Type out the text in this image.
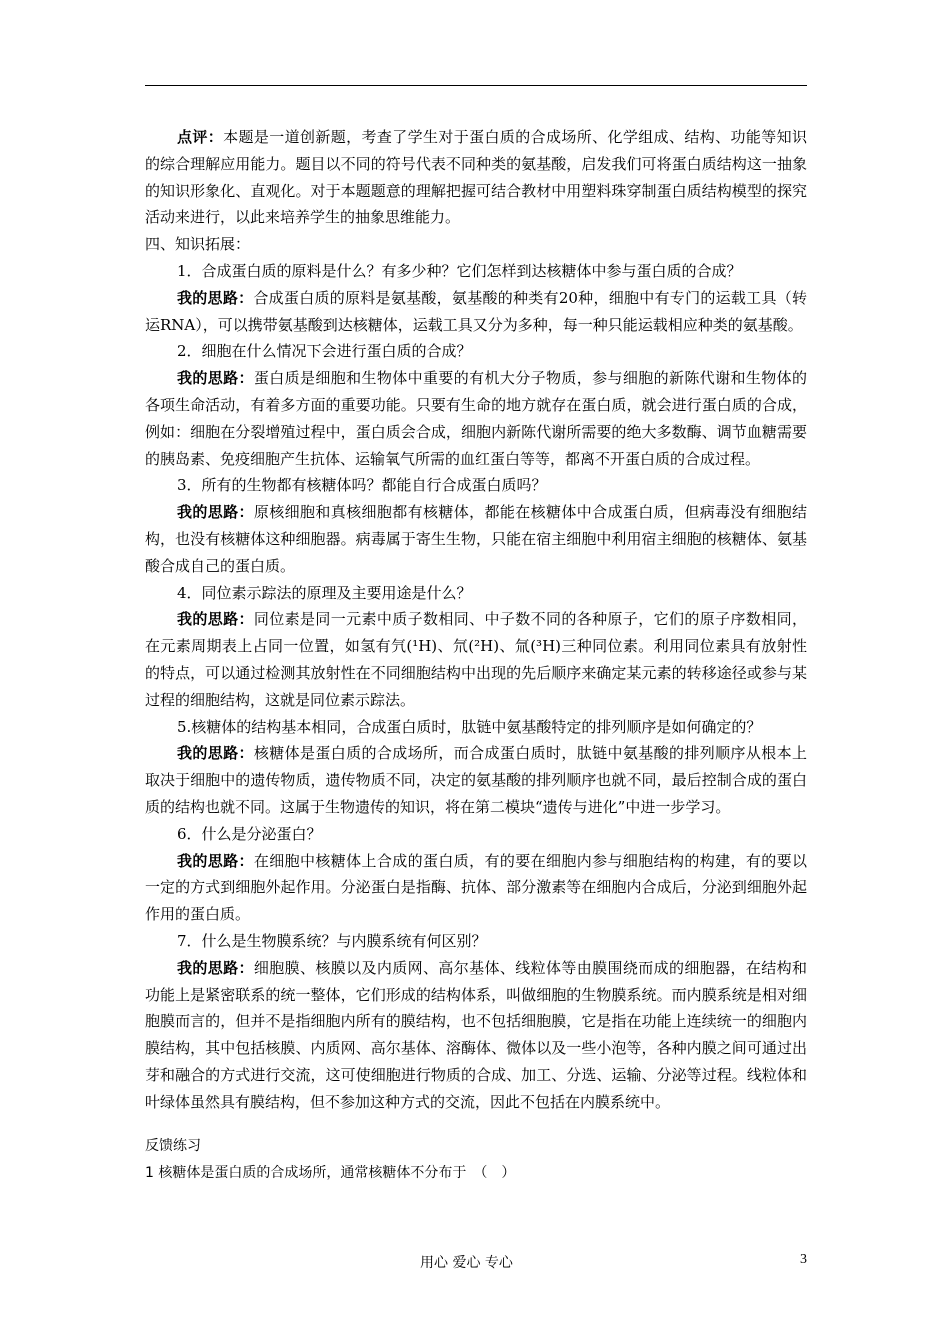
点评：本题是一道创新题，考查了学生对于蛋白质的合成场所、化学组成、结构、功能等知识的综合理解应用能力。题目以不同的符号代表不同种类的氨基酸，启发我们可将蛋白质结构这一抽象的知识形象化、直观化。对于本题题意的理解把握可结合教材中用塑料珠穿制蛋白质结构模型的探究活动来进行，以此来培养学生的抽象思维能力。

四、知识拓展：

1．合成蛋白质的原料是什么？有多少种？它们怎样到达核糖体中参与蛋白质的合成？

我的思路：合成蛋白质的原料是氨基酸，氨基酸的种类有20种，细胞中有专门的运载工具（转运RNA），可以携带氨基酸到达核糖体，运载工具又分为多种，每一种只能运载相应种类的氨基酸。

2．细胞在什么情况下会进行蛋白质的合成？

我的思路：蛋白质是细胞和生物体中重要的有机大分子物质，参与细胞的新陈代谢和生物体的各项生命活动，有着多方面的重要功能。只要有生命的地方就存在蛋白质，就会进行蛋白质的合成，例如：细胞在分裂增殖过程中，蛋白质会合成，细胞内新陈代谢所需要的绝大多数酶、调节血糖需要的胰岛素、免疫细胞产生抗体、运输氧气所需的血红蛋白等等，都离不开蛋白质的合成过程。

3．所有的生物都有核糖体吗？都能自行合成蛋白质吗？

我的思路：原核细胞和真核细胞都有核糖体，都能在核糖体中合成蛋白质，但病毒没有细胞结构，也没有核糖体这种细胞器。病毒属于寄生生物，只能在宿主细胞中利用宿主细胞的核糖体、氨基酸合成自己的蛋白质。

4．同位素示踪法的原理及主要用途是什么？

我的思路：同位素是同一元素中质子数相同、中子数不同的各种原子，它们的原子序数相同，在元素周期表上占同一位置，如氢有氕(¹H)、氘(²H)、氚(³H)三种同位素。利用同位素具有放射性的特点，可以通过检测其放射性在不同细胞结构中出现的先后顺序来确定某元素的转移途径或参与某过程的细胞结构，这就是同位素示踪法。

5.核糖体的结构基本相同，合成蛋白质时，肽链中氨基酸特定的排列顺序是如何确定的？

我的思路：核糖体是蛋白质的合成场所，而合成蛋白质时，肽链中氨基酸的排列顺序从根本上取决于细胞中的遗传物质，遗传物质不同，决定的氨基酸的排列顺序也就不同，最后控制合成的蛋白质的结构也就不同。这属于生物遗传的知识，将在第二模块“遗传与进化”中进一步学习。

6．什么是分泌蛋白？

我的思路：在细胞中核糖体上合成的蛋白质，有的要在细胞内参与细胞结构的构建，有的要以一定的方式到细胞外起作用。分泌蛋白是指酶、抗体、部分激素等在细胞内合成后，分泌到细胞外起作用的蛋白质。

7．什么是生物膜系统？与内膜系统有何区别？

我的思路：细胞膜、核膜以及内质网、高尔基体、线粒体等由膜围绕而成的细胞器，在结构和功能上是紧密联系的统一整体，它们形成的结构体系，叫做细胞的生物膜系统。而内膜系统是相对细胞膜而言的，但并不是指细胞内所有的膜结构，也不包括细胞膜，它是指在功能上连续统一的细胞内膜结构，其中包括核膜、内质网、高尔基体、溶酶体、微体以及一些小泡等，各种内膜之间可通过出芽和融合的方式进行交流，这可使细胞进行物质的合成、加工、分选、运输、分泌等过程。线粒体和叶绿体虽然具有膜结构，但不参加这种方式的交流，因此不包括在内膜系统中。

反馈练习

1 核糖体是蛋白质的合成场所，通常核糖体不分布于　（　）

用心 爱心 专心	3
